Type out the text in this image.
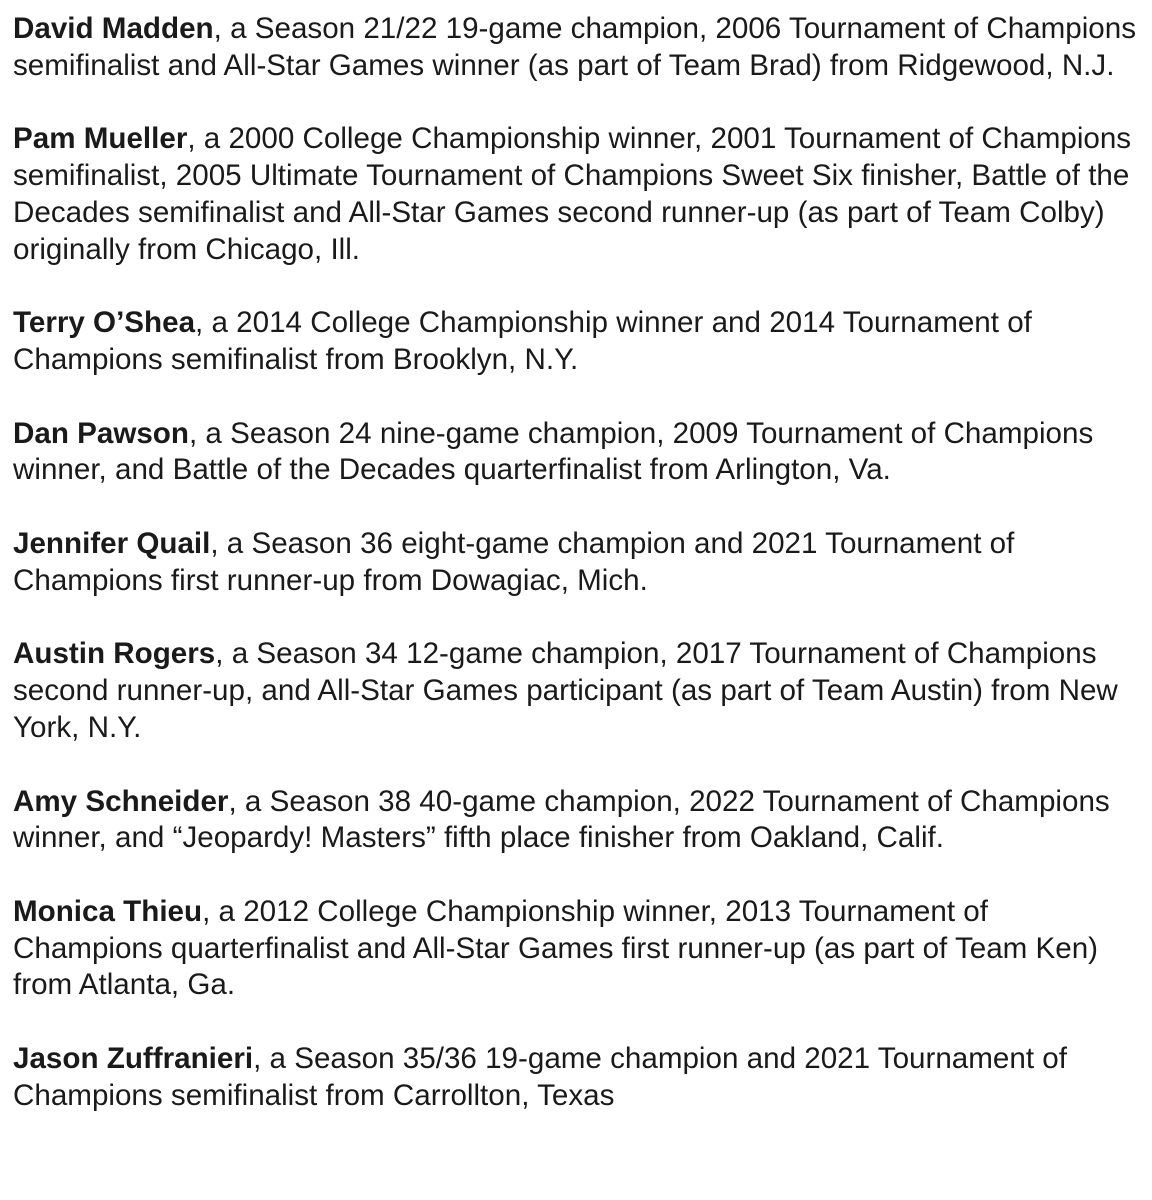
David Madden, a Season 21/22 19-game champion, 2006 Tournament of Champions semifinalist and All-Star Games winner (as part of Team Brad) from Ridgewood, N.J.

Pam Mueller, a 2000 College Championship winner, 2001 Tournament of Champions semifinalist, 2005 Ultimate Tournament of Champions Sweet Six finisher, Battle of the Decades semifinalist and All-Star Games second runner-up (as part of Team Colby) originally from Chicago, Ill.

Terry O’Shea, a 2014 College Championship winner and 2014 Tournament of Champions semifinalist from Brooklyn, N.Y.

Dan Pawson, a Season 24 nine-game champion, 2009 Tournament of Champions winner, and Battle of the Decades quarterfinalist from Arlington, Va.

Jennifer Quail, a Season 36 eight-game champion and 2021 Tournament of Champions first runner-up from Dowagiac, Mich.

Austin Rogers, a Season 34 12-game champion, 2017 Tournament of Champions second runner-up, and All-Star Games participant (as part of Team Austin) from New York, N.Y.

Amy Schneider, a Season 38 40-game champion, 2022 Tournament of Champions winner, and “Jeopardy! Masters” fifth place finisher from Oakland, Calif.

Monica Thieu, a 2012 College Championship winner, 2013 Tournament of Champions quarterfinalist and All-Star Games first runner-up (as part of Team Ken) from Atlanta, Ga.

Jason Zuffranieri, a Season 35/36 19-game champion and 2021 Tournament of Champions semifinalist from Carrollton, Texas
